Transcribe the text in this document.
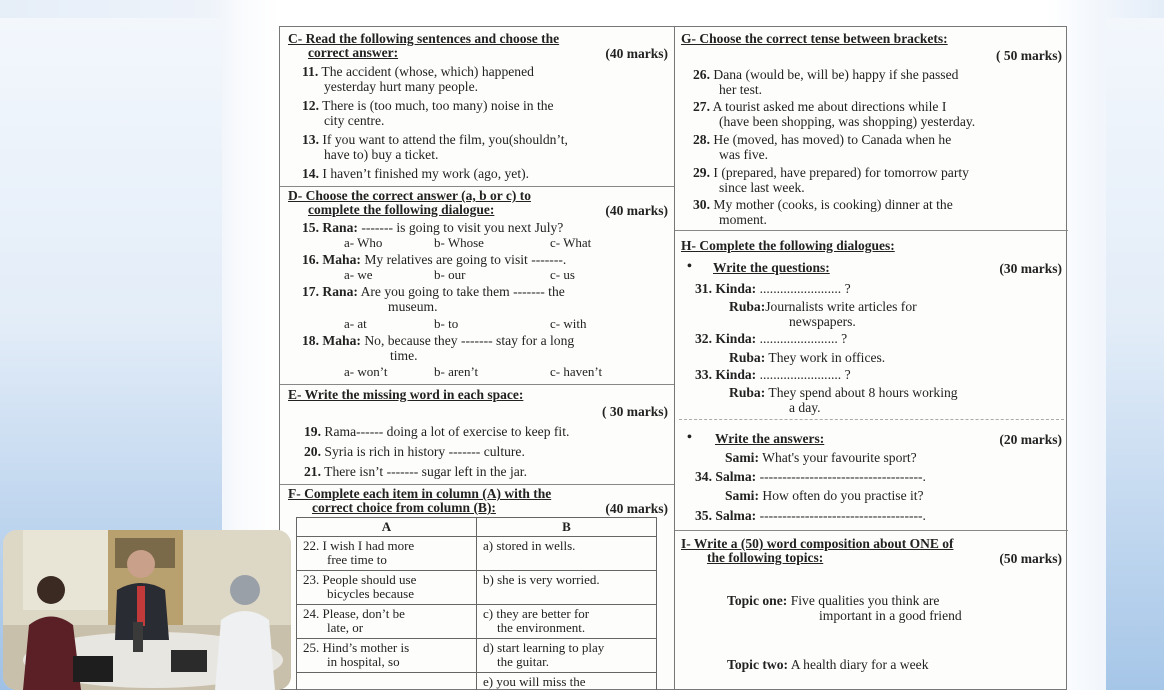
C- Read the following sentences and choose the
correct answer:	(40 marks)
11. The accident (whose, which) happened
yesterday hurt many people.
12. There is (too much, too many) noise in the
city centre.
13. If you want to attend the film, you(shouldn’t,
have to) buy a ticket.
14. I haven’t finished my work (ago, yet).
D- Choose the correct answer (a, b or c) to
complete the following dialogue:	(40 marks)
15. Rana: ------- is going to visit you next July?
a- Who	b- Whose	c- What
16. Maha: My relatives are going to visit -------.
a- we	b- our	c- us
17. Rana: Are you going to take them ------- the
museum.
a- at	b- to	c- with
18. Maha: No, because they ------- stay for a long
time.
a- won’t	b- aren’t	c- haven’t
E- Write the missing word in each space:
( 30 marks)
19. Rama------ doing a lot of exercise to keep fit.
20. Syria is rich in history ------- culture.
21. There isn’t ------- sugar left in the jar.
F- Complete each item in column (A) with the
correct choice from column (B):	(40 marks)
A	B
22. I wish I had more
free time to	a) stored in wells.
23. People should use
bicycles because	b) she is very worried.
24. Please, don’t be
late, or	c) they are better for
the environment.
25. Hind’s mother is
in hospital, so	d) start learning to play
the guitar.
	e) you will miss the
G- Choose the correct tense between brackets:
( 50 marks)
26. Dana (would be, will be) happy if she passed
her test.
27. A tourist asked me about directions while I
(have been shopping, was shopping) yesterday.
28. He (moved, has moved) to Canada when he
was five.
29. I (prepared, have prepared) for tomorrow party
since last week.
30. My mother (cooks, is cooking) dinner at the
moment.
H- Complete the following dialogues:
• Write the questions:	(30 marks)
31. Kinda: ........................ ?
Ruba:Journalists write articles for
newspapers.
32. Kinda: ....................... ?
Ruba: They work in offices.
33. Kinda: ........................ ?
Ruba: They spend about 8 hours working
a day.
• Write the answers:	(20 marks)
Sami: What's your favourite sport?
34. Salma: ------------------------------------.
Sami: How often do you practise it?
35. Salma: ------------------------------------.
I- Write a (50) word composition about ONE of
the following topics:	(50 marks)
Topic one: Five qualities you think are
important in a good friend
Topic two: A health diary for a week
